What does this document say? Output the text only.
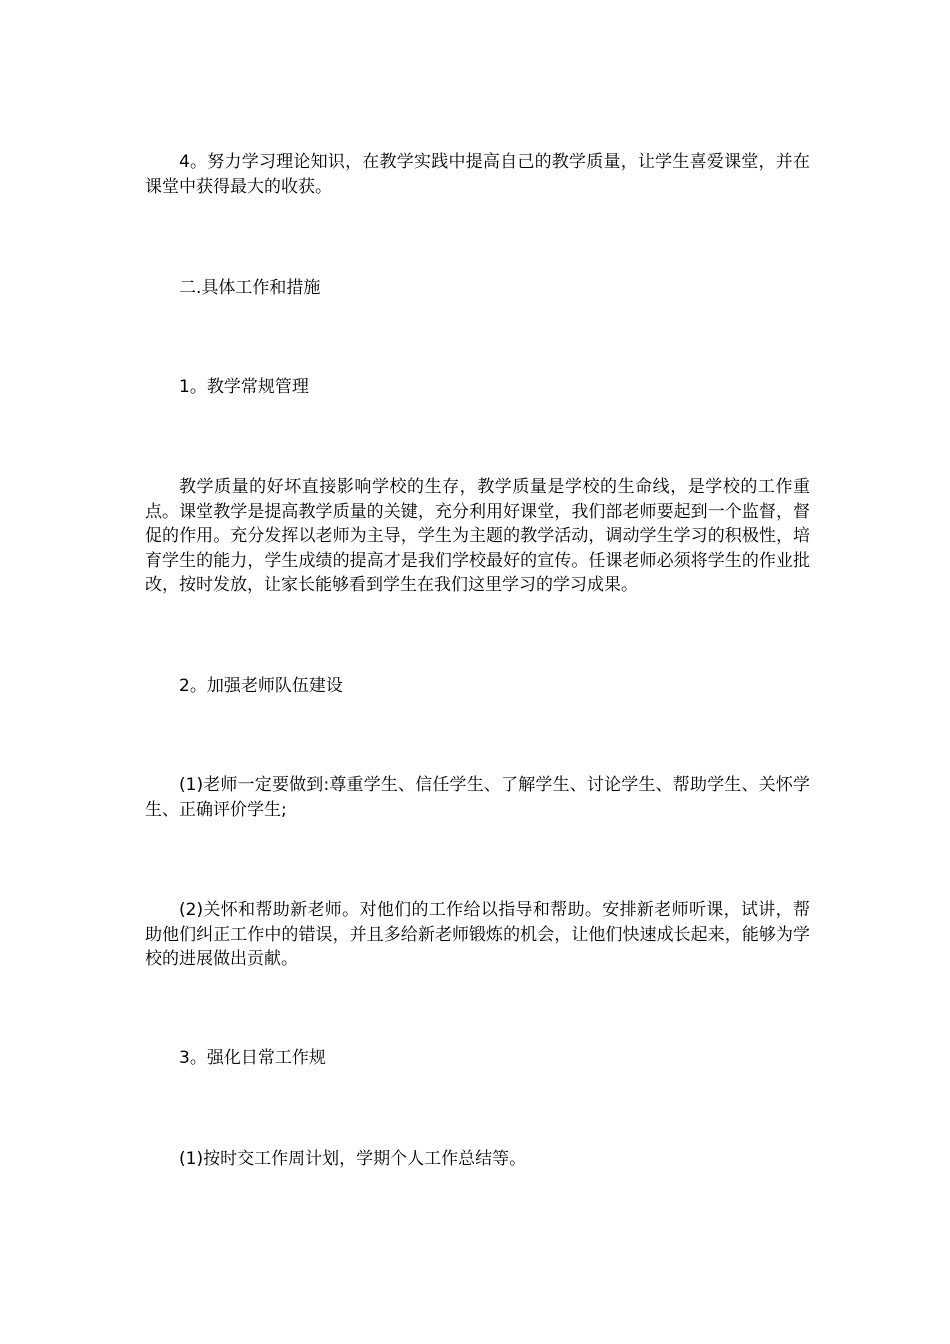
4。努力学习理论知识，在教学实践中提高自己的教学质量，让学生喜爱课堂，并在课堂中获得最大的收获。

二.具体工作和措施

1。教学常规管理

教学质量的好坏直接影响学校的生存，教学质量是学校的生命线，是学校的工作重点。课堂教学是提高教学质量的关键，充分利用好课堂，我们部老师要起到一个监督，督促的作用。充分发挥以老师为主导，学生为主题的教学活动，调动学生学习的积极性，培育学生的能力，学生成绩的提高才是我们学校最好的宣传。任课老师必须将学生的作业批改，按时发放，让家长能够看到学生在我们这里学习的学习成果。

2。加强老师队伍建设

(1)老师一定要做到:尊重学生、信任学生、了解学生、讨论学生、帮助学生、关怀学生、正确评价学生;

(2)关怀和帮助新老师。对他们的工作给以指导和帮助。安排新老师听课，试讲，帮助他们纠正工作中的错误，并且多给新老师锻炼的机会，让他们快速成长起来，能够为学校的进展做出贡献。

3。强化日常工作规

(1)按时交工作周计划，学期个人工作总结等。
